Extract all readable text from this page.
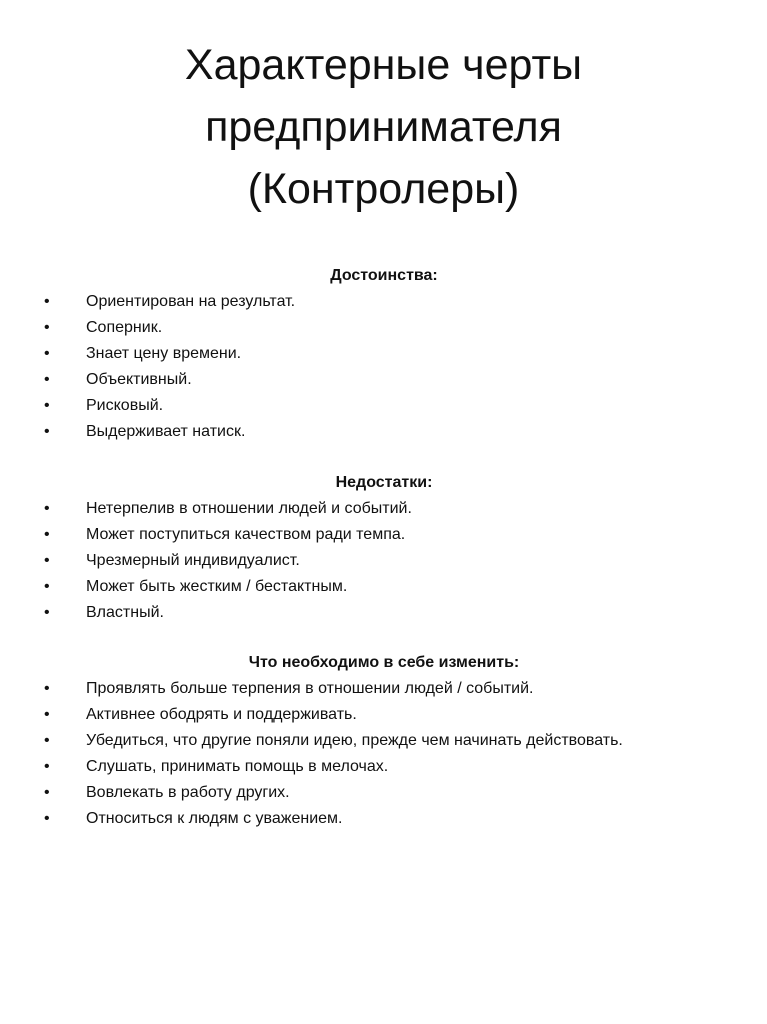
Характерные черты
предпринимателя
(Контролеры)
Достоинства:
•	Ориентирован на результат.
•	Соперник.
•	Знает цену времени.
•	Объективный.
•	Рисковый.
•	Выдерживает натиск.
Недостатки:
•	Нетерпелив в отношении людей и событий.
•	Может поступиться качеством ради темпа.
•	Чрезмерный индивидуалист.
•	Может быть жестким / бестактным.
•	Властный.
Что необходимо в себе изменить:
•	Проявлять больше терпения в отношении людей / событий.
•	Активнее ободрять и поддерживать.
•	Убедиться, что другие поняли идею, прежде чем начинать действовать.
•	Слушать, принимать помощь в мелочах.
•	Вовлекать в работу других.
•	Относиться к людям с уважением.
